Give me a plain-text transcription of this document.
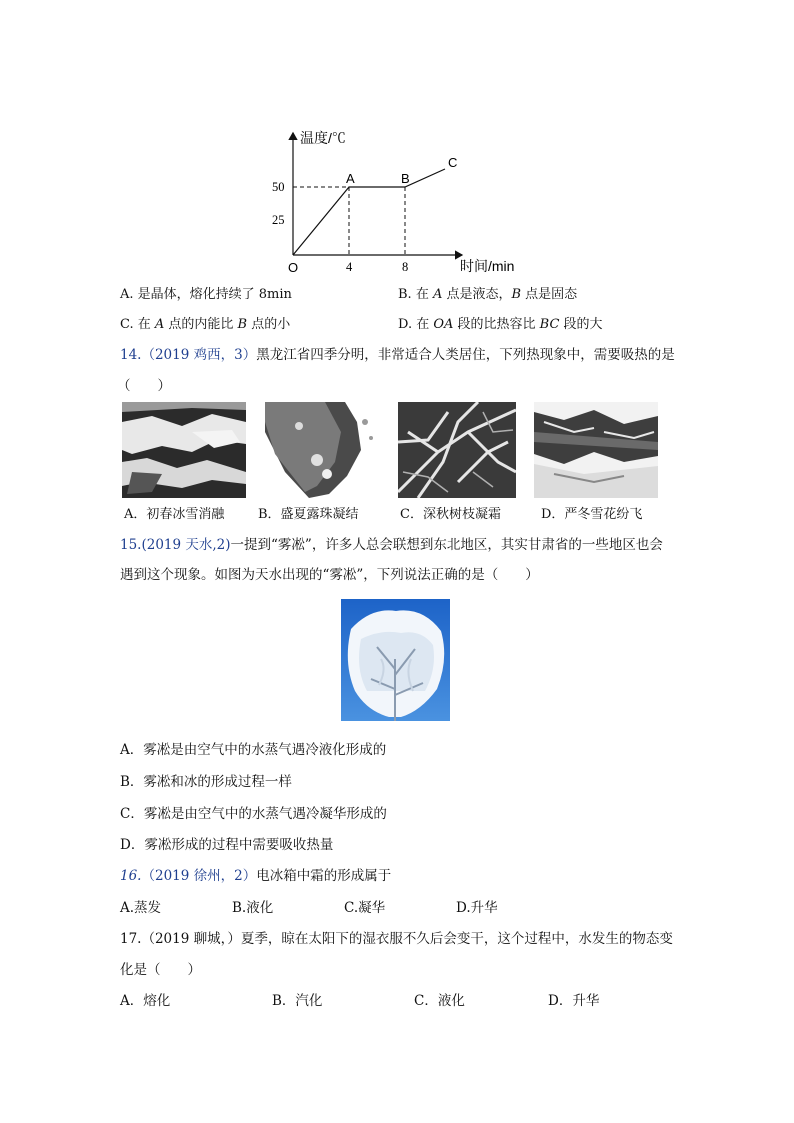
温度/℃
时间/min
O
A	B
C
50
25
4	8
A. 是晶体，熔化持续了 8min	B. 在 A 点是液态，B 点是固态
C. 在 A 点的内能比 B 点的小	D. 在 OA 段的比热容比 BC 段的大
14.（2019 鸡西，3）黑龙江省四季分明，非常适合人类居住，下列热现象中，需要吸热的是
（　　）
A．初春冰雪消融	B．盛夏露珠凝结	C．深秋树枝凝霜	D．严冬雪花纷飞
15.(2019 天水,2)一提到“雾凇”，许多人总会联想到东北地区，其实甘肃省的一些地区也会
遇到这个现象。如图为天水出现的“雾凇”，下列说法正确的是（　　）
A．雾凇是由空气中的水蒸气遇冷液化形成的
B．雾凇和冰的形成过程一样
C．雾凇是由空气中的水蒸气遇冷凝华形成的
D．雾凇形成的过程中需要吸收热量
16.（2019 徐州，2）电冰箱中霜的形成属于
A.蒸发	B.液化	C.凝华	D.升华
17.（2019 聊城，）夏季，晾在太阳下的湿衣服不久后会变干，这个过程中，水发生的物态变
化是（　　）
A．熔化	B．汽化	C．液化	D．升华
